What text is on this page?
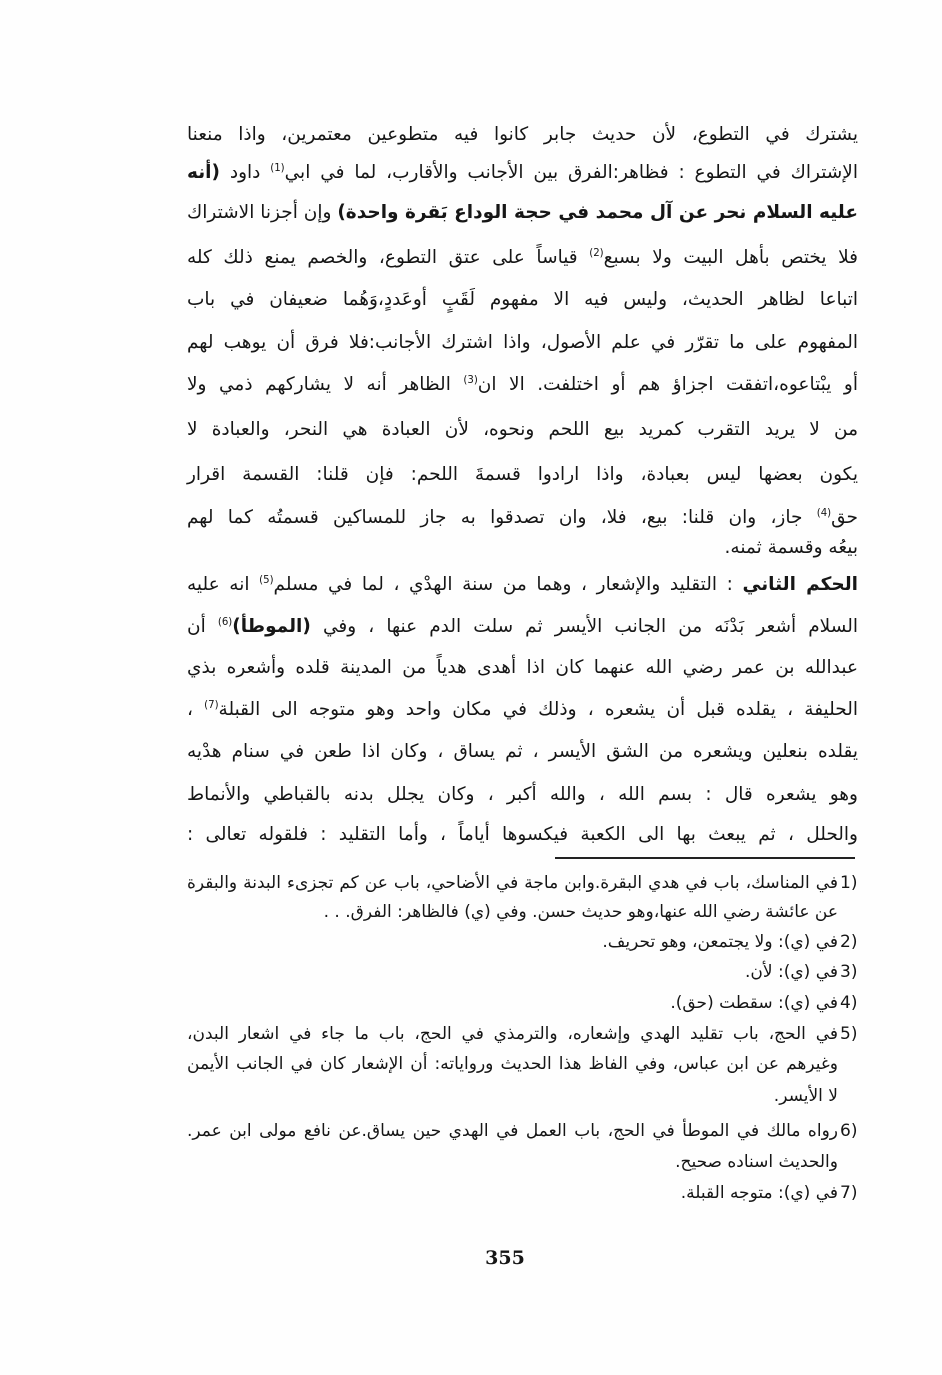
يشترك في التطوع، لأن حديث جابر كانوا فيه متطوعين معتمرين، واذا منعنا
الإشتراك في التطوع : فظاهر:الفرق بين الأجانب والأقارب، لما في ابي$^{(1)}$ داود (أنه
عليه السلام نحر عن آل محمد في حجة الوداع بَقرة واحدة) وإن أجزنا الاشتراك
فلا يختص بأهل البيت ولا بسبع$^{(2)}$ قياساً على عتق التطوع، والخصم يمنع ذلك كله
اتباعا لظاهر الحديث، وليس فيه الا مفهوم لَقَبٍ أوعَددٍ،وَهُما ضعيفان في باب
المفهوم على ما تقرّر في علم الأصول، واذا اشترك الأجانب:فلا فرق أن يوهب لهم
أو يبْتاعوه،اتفقت اجزاؤ هم أو اختلفت. الا ان$^{(3)}$ الظاهر أنه لا يشاركهم ذمي ولا
من لا يريد التقرب كمريد بيع اللحم ونحوه، لأن العبادة هي النحر، والعبادة لا
يكون بعضها ليس بعبادة، واذا ارادوا قسمةَ اللحم: فإن قلنا: القسمة اقرار
حق$^{(4)}$ جاز، وان قلنا: بيع، فلا، وان تصدقوا به جاز للمساكين قسمتُه كما لهم
بيعُه وقسمة ثمنه.
الحكم الثاني : التقليد والإشعار ، وهما من سنة الهدْي ، لما في مسلم$^{(5)}$ انه عليه
السلام أشعر بَدْنَه من الجانب الأيسر ثم سلت الدم عنها ، وفي (الموطأ)$^{(6)}$ أن
عبدالله بن عمر رضي الله عنهما كان اذا أهدى هدياً من المدينة قلده وأشعره بذي
الحليفة ، يقلده قبل أن يشعره ، وذلك في مكان واحد وهو متوجه الى القبلة$^{(7)}$ ،
يقلده بنعلين ويشعره من الشق الأيسر ، ثم يساق ، وكان اذا طعن في سنام هدْيه
وهو يشعره قال : بسم الله ، والله أكبر ، وكان يجلل بدنه بالقباطي والأنماط
والحلل ، ثم يبعث بها الى الكعبة فيكسوها أياماً ، وأما التقليد : فلقوله تعالى :
1)
في المناسك، باب في هدي البقرة.وابن ماجة في الأضاحي، باب عن كم تجزىء البدنة والبقرة
عن عائشة رضي الله عنها،وهو حديث حسن. وفي (ي) فالظاهر: الفرق. . .
2)
في (ي): ولا يجتمعن، وهو تحريف.
3)
في (ي): لأن.
4)
في (ي): سقطت (حق).
5)
في الحج، باب تقليد الهدي وإشعاره، والترمذي في الحج، باب ما جاء في اشعار البدن،
وغيرهم عن ابن عباس، وفي الفاظ هذا الحديث ورواياته: أن الإشعار كان في الجانب الأيمن
لا الأيسر.
6)
رواه مالك في الموطأ في الحج، باب العمل في الهدي حين يساق.عن نافع مولى ابن عمر.
والحديث اسناده صحيح.
7)
في (ي): متوجه القبلة.
355
